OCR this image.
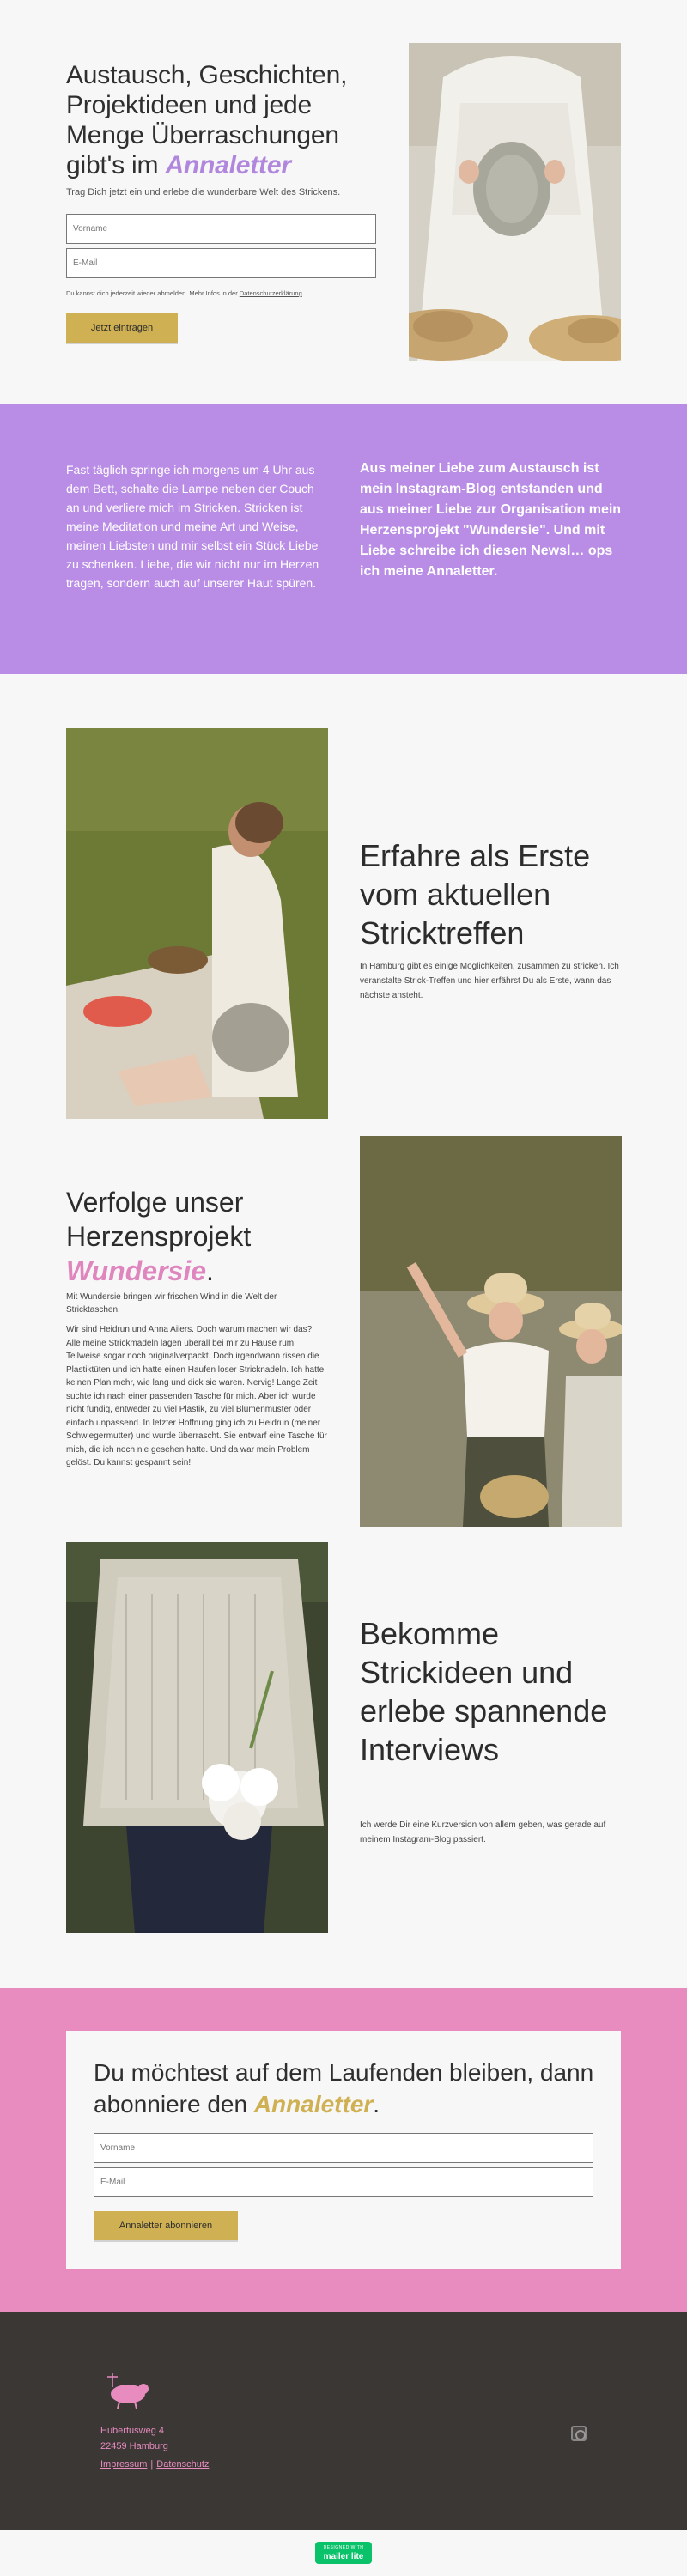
Austausch, Geschichten, Projektideen und jede Menge Überraschungen gibt's im Annaletter
Trag Dich jetzt ein und erlebe die wunderbare Welt des Strickens.
Vorname
E-Mail
Du kannst dich jederzeit wieder abmelden. Mehr Infos in der Datenschutzerklärung
Jetzt eintragen

Fast täglich springe ich morgens um 4 Uhr aus dem Bett, schalte die Lampe neben der Couch an und verliere mich im Stricken. Stricken ist meine Meditation und meine Art und Weise, meinen Liebsten und mir selbst ein Stück Liebe zu schenken. Liebe, die wir nicht nur im Herzen tragen, sondern auch auf unserer Haut spüren.

Aus meiner Liebe zum Austausch ist mein Instagram-Blog entstanden und aus meiner Liebe zur Organisation mein Herzensprojekt "Wundersie". Und mit Liebe schreibe ich diesen Newsl… ops ich meine Annaletter.

Erfahre als Erste vom aktuellen Stricktreffen

In Hamburg gibt es einige Möglichkeiten, zusammen zu stricken. Ich veranstalte Strick-Treffen und hier erfährst Du als Erste, wann das nächste ansteht.

Verfolge unser Herzensprojekt Wundersie.

Mit Wundersie bringen wir frischen Wind in die Welt der Stricktaschen.

Wir sind Heidrun und Anna Ailers. Doch warum machen wir das? Alle meine Strickmadeln lagen überall bei mir zu Hause rum. Teilweise sogar noch originalverpackt. Doch irgendwann rissen die Plastiktüten und ich hatte einen Haufen loser Stricknadeln. Ich hatte keinen Plan mehr, wie lang und dick sie waren. Nervig! Lange Zeit suchte ich nach einer passenden Tasche für mich. Aber ich wurde nicht fündig, entweder zu viel Plastik, zu viel Blumenmuster oder einfach unpassend. In letzter Hoffnung ging ich zu Heidrun (meiner Schwiegermutter) und wurde überrascht. Sie entwarf eine Tasche für mich, die ich noch nie gesehen hatte. Und da war mein Problem gelöst. Du kannst gespannt sein!

Bekomme Strickideen und erlebe spannende Interviews

Ich werde Dir eine Kurzversion von allem geben, was gerade auf meinem Instagram-Blog passiert.

Du möchtest auf dem Laufenden bleiben, dann abonniere den Annaletter.
Vorname
E-Mail
Annaletter abonnieren
Hubertusweg 4
22459 Hamburg
Impressum | Datenschutz
DESIGNED WITH
mailer lite
